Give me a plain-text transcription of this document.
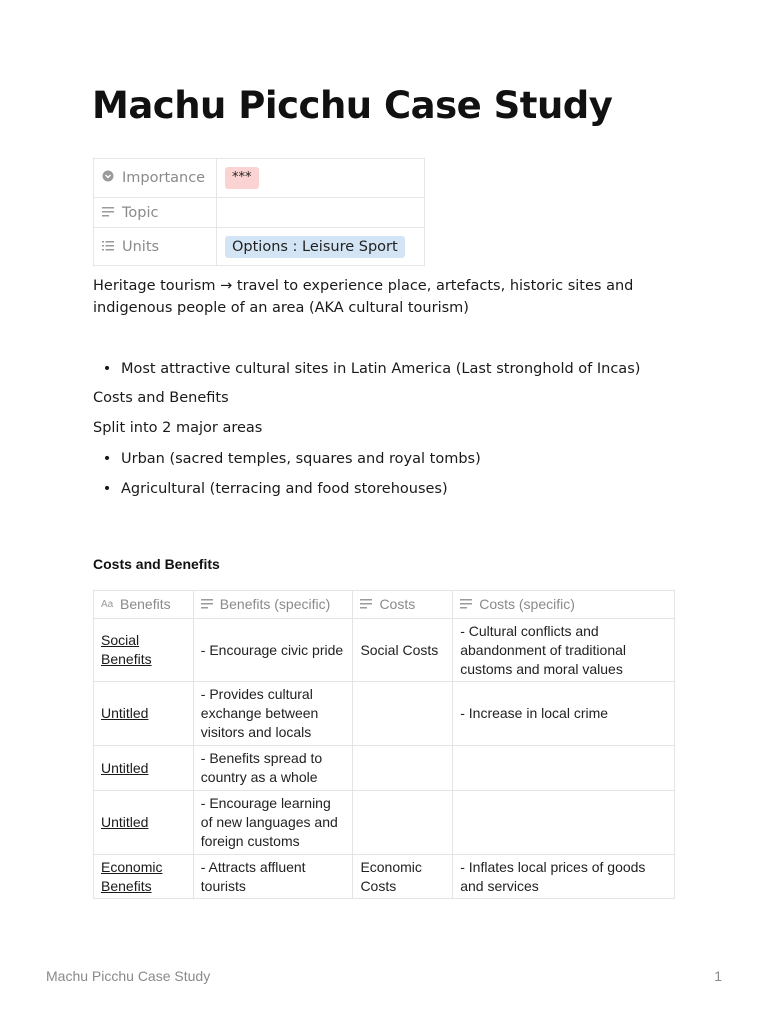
Machu Picchu Case Study
Importance	***
Topic	
Units	Options : Leisure Sport

Heritage tourism → travel to experience place, artefacts, historic sites and
indigenous people of an area (AKA cultural tourism)

• Most attractive cultural sites in Latin America (Last stronghold of Incas)

Costs and Benefits

Split into 2 major areas

• Urban (sacred temples, squares and royal tombs)
• Agricultural (terracing and food storehouses)
Costs and Benefits
Aa Benefits	Benefits (specific)	Costs	Costs (specific)
Social Benefits	- Encourage civic pride	Social Costs	- Cultural conflicts and abandonment of traditional customs and moral values
Untitled	- Provides cultural exchange between visitors and locals		- Increase in local crime
Untitled	- Benefits spread to country as a whole		
Untitled	- Encourage learning of new languages and foreign customs		
Economic Benefits	- Attracts affluent tourists	Economic Costs	- Inflates local prices of goods and services
Machu Picchu Case Study	1
